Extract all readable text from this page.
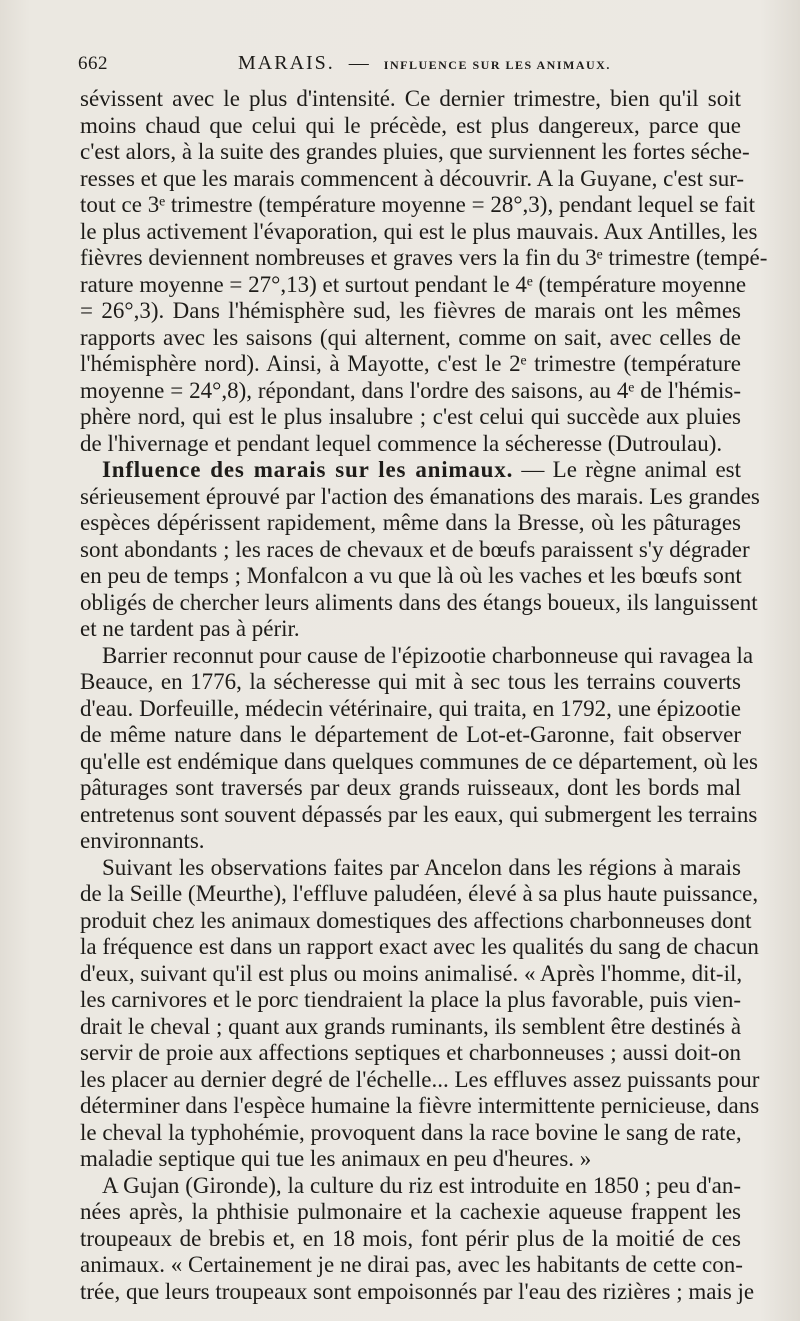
662	MARAIS. — INFLUENCE SUR LES ANIMAUX.
sévissent avec le plus d'intensité. Ce dernier trimestre, bien qu'il soit
moins chaud que celui qui le précède, est plus dangereux, parce que
c'est alors, à la suite des grandes pluies, que surviennent les fortes séche-
resses et que les marais commencent à découvrir. A la Guyane, c'est sur-
tout ce 3ᵉ trimestre (température moyenne = 28°,3), pendant lequel se fait
le plus activement l'évaporation, qui est le plus mauvais. Aux Antilles, les
fièvres deviennent nombreuses et graves vers la fin du 3ᵉ trimestre (tempé-
rature moyenne = 27°,13) et surtout pendant le 4ᵉ (température moyenne
= 26°,3). Dans l'hémisphère sud, les fièvres de marais ont les mêmes
rapports avec les saisons (qui alternent, comme on sait, avec celles de
l'hémisphère nord). Ainsi, à Mayotte, c'est le 2ᵉ trimestre (température
moyenne = 24°,8), répondant, dans l'ordre des saisons, au 4ᵉ de l'hémis-
phère nord, qui est le plus insalubre ; c'est celui qui succède aux pluies
de l'hivernage et pendant lequel commence la sécheresse (Dutroulau).
Influence des marais sur les animaux. — Le règne animal est
sérieusement éprouvé par l'action des émanations des marais. Les grandes
espèces dépérissent rapidement, même dans la Bresse, où les pâturages
sont abondants ; les races de chevaux et de bœufs paraissent s'y dégrader
en peu de temps ; Monfalcon a vu que là où les vaches et les bœufs sont
obligés de chercher leurs aliments dans des étangs boueux, ils languissent
et ne tardent pas à périr.
Barrier reconnut pour cause de l'épizootie charbonneuse qui ravagea la
Beauce, en 1776, la sécheresse qui mit à sec tous les terrains couverts
d'eau. Dorfeuille, médecin vétérinaire, qui traita, en 1792, une épizootie
de même nature dans le département de Lot-et-Garonne, fait observer
qu'elle est endémique dans quelques communes de ce département, où les
pâturages sont traversés par deux grands ruisseaux, dont les bords mal
entretenus sont souvent dépassés par les eaux, qui submergent les terrains
environnants.
Suivant les observations faites par Ancelon dans les régions à marais
de la Seille (Meurthe), l'effluve paludéen, élevé à sa plus haute puissance,
produit chez les animaux domestiques des affections charbonneuses dont
la fréquence est dans un rapport exact avec les qualités du sang de chacun
d'eux, suivant qu'il est plus ou moins animalisé. « Après l'homme, dit-il,
les carnivores et le porc tiendraient la place la plus favorable, puis vien-
drait le cheval ; quant aux grands ruminants, ils semblent être destinés à
servir de proie aux affections septiques et charbonneuses ; aussi doit-on
les placer au dernier degré de l'échelle... Les effluves assez puissants pour
déterminer dans l'espèce humaine la fièvre intermittente pernicieuse, dans
le cheval la typhohémie, provoquent dans la race bovine le sang de rate,
maladie septique qui tue les animaux en peu d'heures. »
A Gujan (Gironde), la culture du riz est introduite en 1850 ; peu d'an-
nées après, la phthisie pulmonaire et la cachexie aqueuse frappent les
troupeaux de brebis et, en 18 mois, font périr plus de la moitié de ces
animaux. « Certainement je ne dirai pas, avec les habitants de cette con-
trée, que leurs troupeaux sont empoisonnés par l'eau des rizières ; mais je
